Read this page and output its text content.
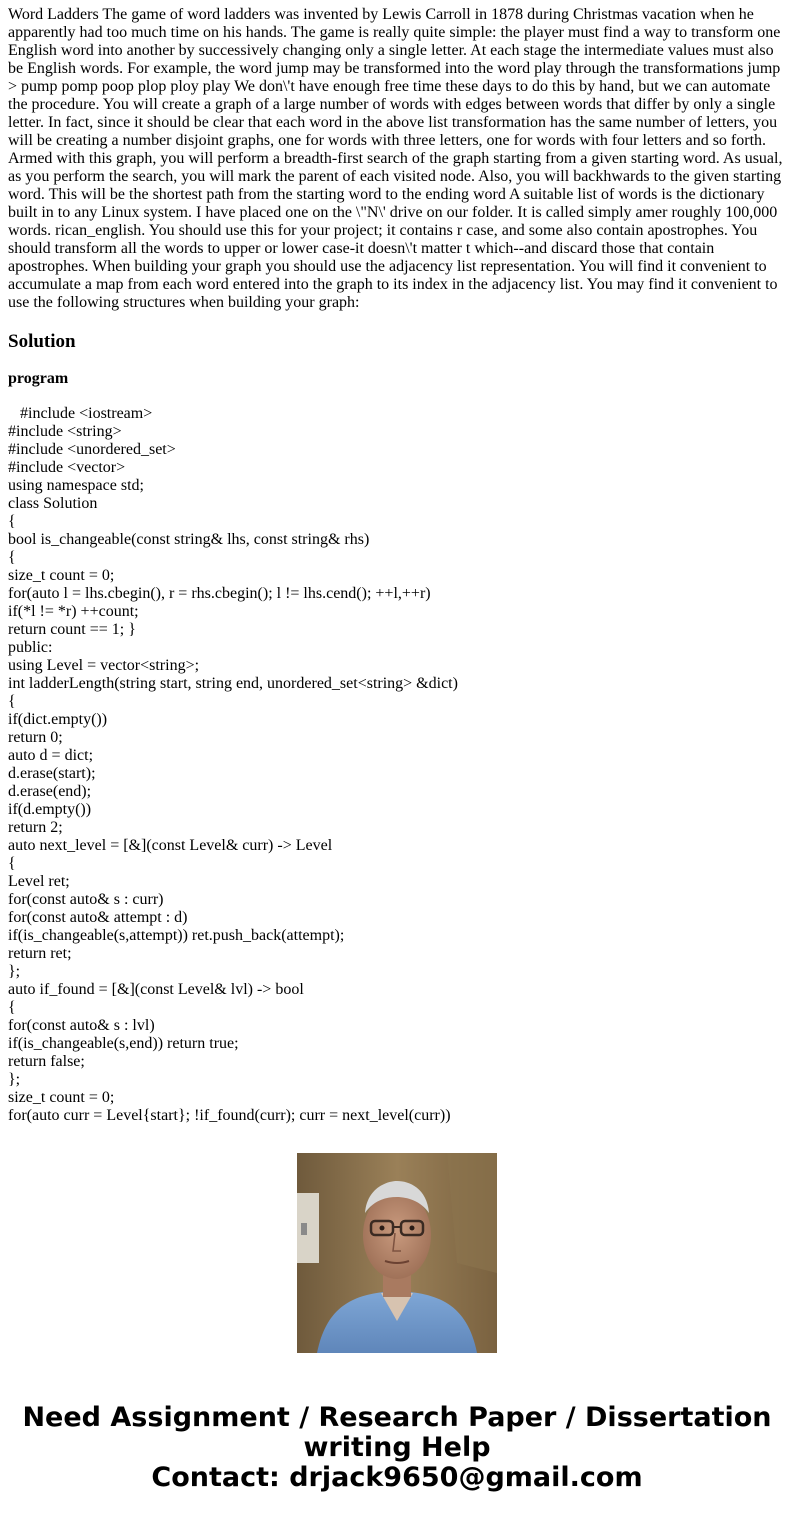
Word Ladders The game of word ladders was invented by Lewis Carroll in 1878 during Christmas vacation when he apparently had too much time on his hands. The game is really quite simple: the player must find a way to transform one English word into another by successively changing only a single letter. At each stage the intermediate values must also be English words. For example, the word jump may be transformed into the word play through the transformations jump > pump pomp poop plop ploy play We don\'t have enough free time these days to do this by hand, but we can automate the procedure. You will create a graph of a large number of words with edges between words that differ by only a single letter. In fact, since it should be clear that each word in the above list transformation has the same number of letters, you will be creating a number disjoint graphs, one for words with three letters, one for words with four letters and so forth. Armed with this graph, you will perform a breadth-first search of the graph starting from a given starting word. As usual, as you perform the search, you will mark the parent of each visited node. Also, you will backhwards to the given starting word. This will be the shortest path from the starting word to the ending word A suitable list of words is the dictionary built in to any Linux system. I have placed one on the \"N\' drive on our folder. It is called simply amer roughly 100,000 words. rican_english. You should use this for your project; it contains r case, and some also contain apostrophes. You should transform all the words to upper or lower case-it doesn\'t matter t which--and discard those that contain apostrophes. When building your graph you should use the adjacency list representation. You will find it convenient to accumulate a map from each word entered into the graph to its index in the adjacency list. You may find it convenient to use the following structures when building your graph:

Solution
program
#include <iostream>
#include <string>
#include <unordered_set>
#include <vector>
using namespace std;
class Solution
{
bool is_changeable(const string& lhs, const string& rhs)
{
size_t count = 0;
for(auto l = lhs.cbegin(), r = rhs.cbegin(); l != lhs.cend(); ++l,++r)
if(*l != *r) ++count;
return count == 1; }
public:
using Level = vector<string>;
int ladderLength(string start, string end, unordered_set<string> &dict)
{
if(dict.empty())
return 0;
auto d = dict;
d.erase(start);
d.erase(end);
if(d.empty())
return 2;
auto next_level = [&](const Level& curr) -> Level
{
Level ret;
for(const auto& s : curr)
for(const auto& attempt : d)
if(is_changeable(s,attempt)) ret.push_back(attempt);
return ret;
};
auto if_found = [&](const Level& lvl) -> bool
{
for(const auto& s : lvl)
if(is_changeable(s,end)) return true;
return false;
};
size_t count = 0;
for(auto curr = Level{start}; !if_found(curr); curr = next_level(curr))
Need Assignment / Research Paper / Dissertation
writing Help
Contact: drjack9650@gmail.com
